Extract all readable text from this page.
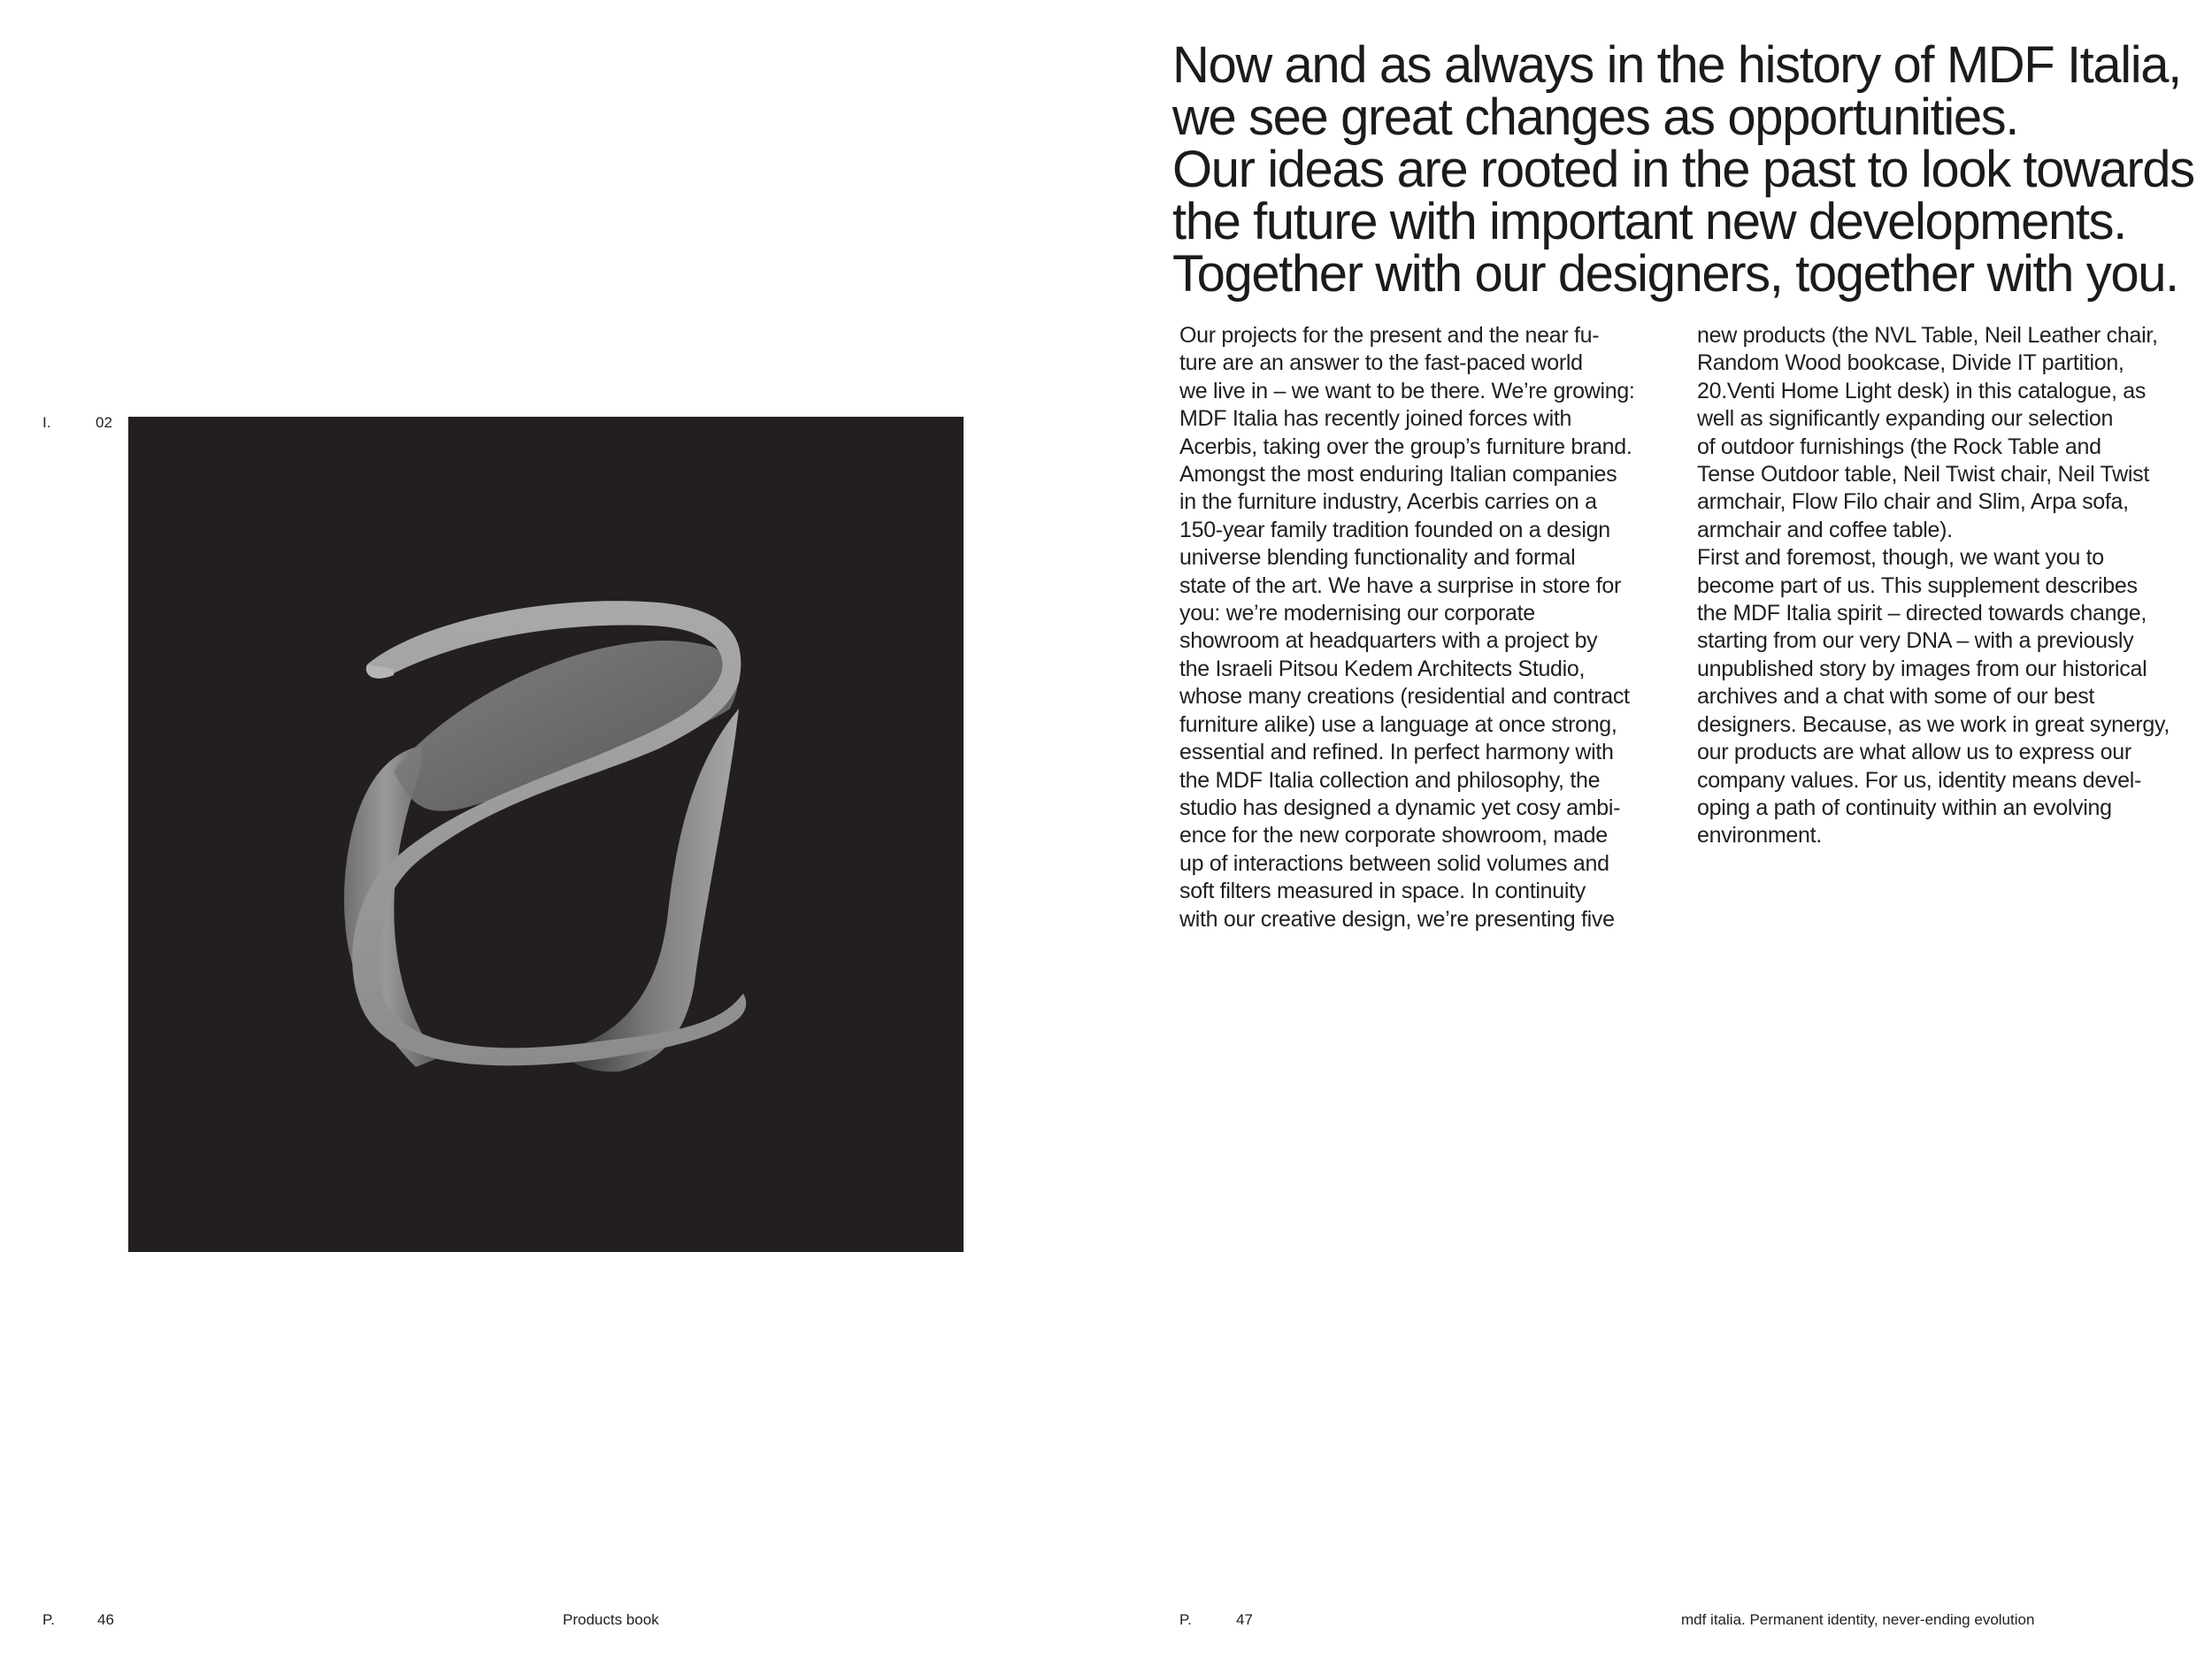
I.	02
Now and as always in the history of MDF Italia,
we see great changes as opportunities.
Our ideas are rooted in the past to look towards
the future with important new developments.
Together with our designers, together with you.
Our projects for the present and the near fu-
ture are an answer to the fast-paced world
we live in – we want to be there. We’re growing:
MDF Italia has recently joined forces with
Acerbis, taking over the group’s furniture brand.
Amongst the most enduring Italian companies
in the furniture industry, Acerbis carries on a
150-year family tradition founded on a design
universe blending functionality and formal
state of the art. We have a surprise in store for
you: we’re modernising our corporate
showroom at headquarters with a project by
the Israeli Pitsou Kedem Architects Studio,
whose many creations (residential and contract
furniture alike) use a language at once strong,
essential and refined. In perfect harmony with
the MDF Italia collection and philosophy, the
studio has designed a dynamic yet cosy ambi-
ence for the new corporate showroom, made
up of interactions between solid volumes and
soft filters measured in space. In continuity
with our creative design, we’re presenting five
new products (the NVL Table, Neil Leather chair,
Random Wood bookcase, Divide IT partition,
20.Venti Home Light desk) in this catalogue, as
well as significantly expanding our selection
of outdoor furnishings (the Rock Table and
Tense Outdoor table, Neil Twist chair, Neil Twist
armchair, Flow Filo chair and Slim, Arpa sofa,
armchair and coffee table).
First and foremost, though, we want you to
become part of us. This supplement describes
the MDF Italia spirit – directed towards change,
starting from our very DNA – with a previously
unpublished story by images from our historical
archives and a chat with some of our best
designers. Because, as we work in great synergy,
our products are what allow us to express our
company values. For us, identity means devel-
oping a path of continuity within an evolving
environment.
P.	46	Products book	P.	47	mdf italia. Permanent identity, never-ending evolution
